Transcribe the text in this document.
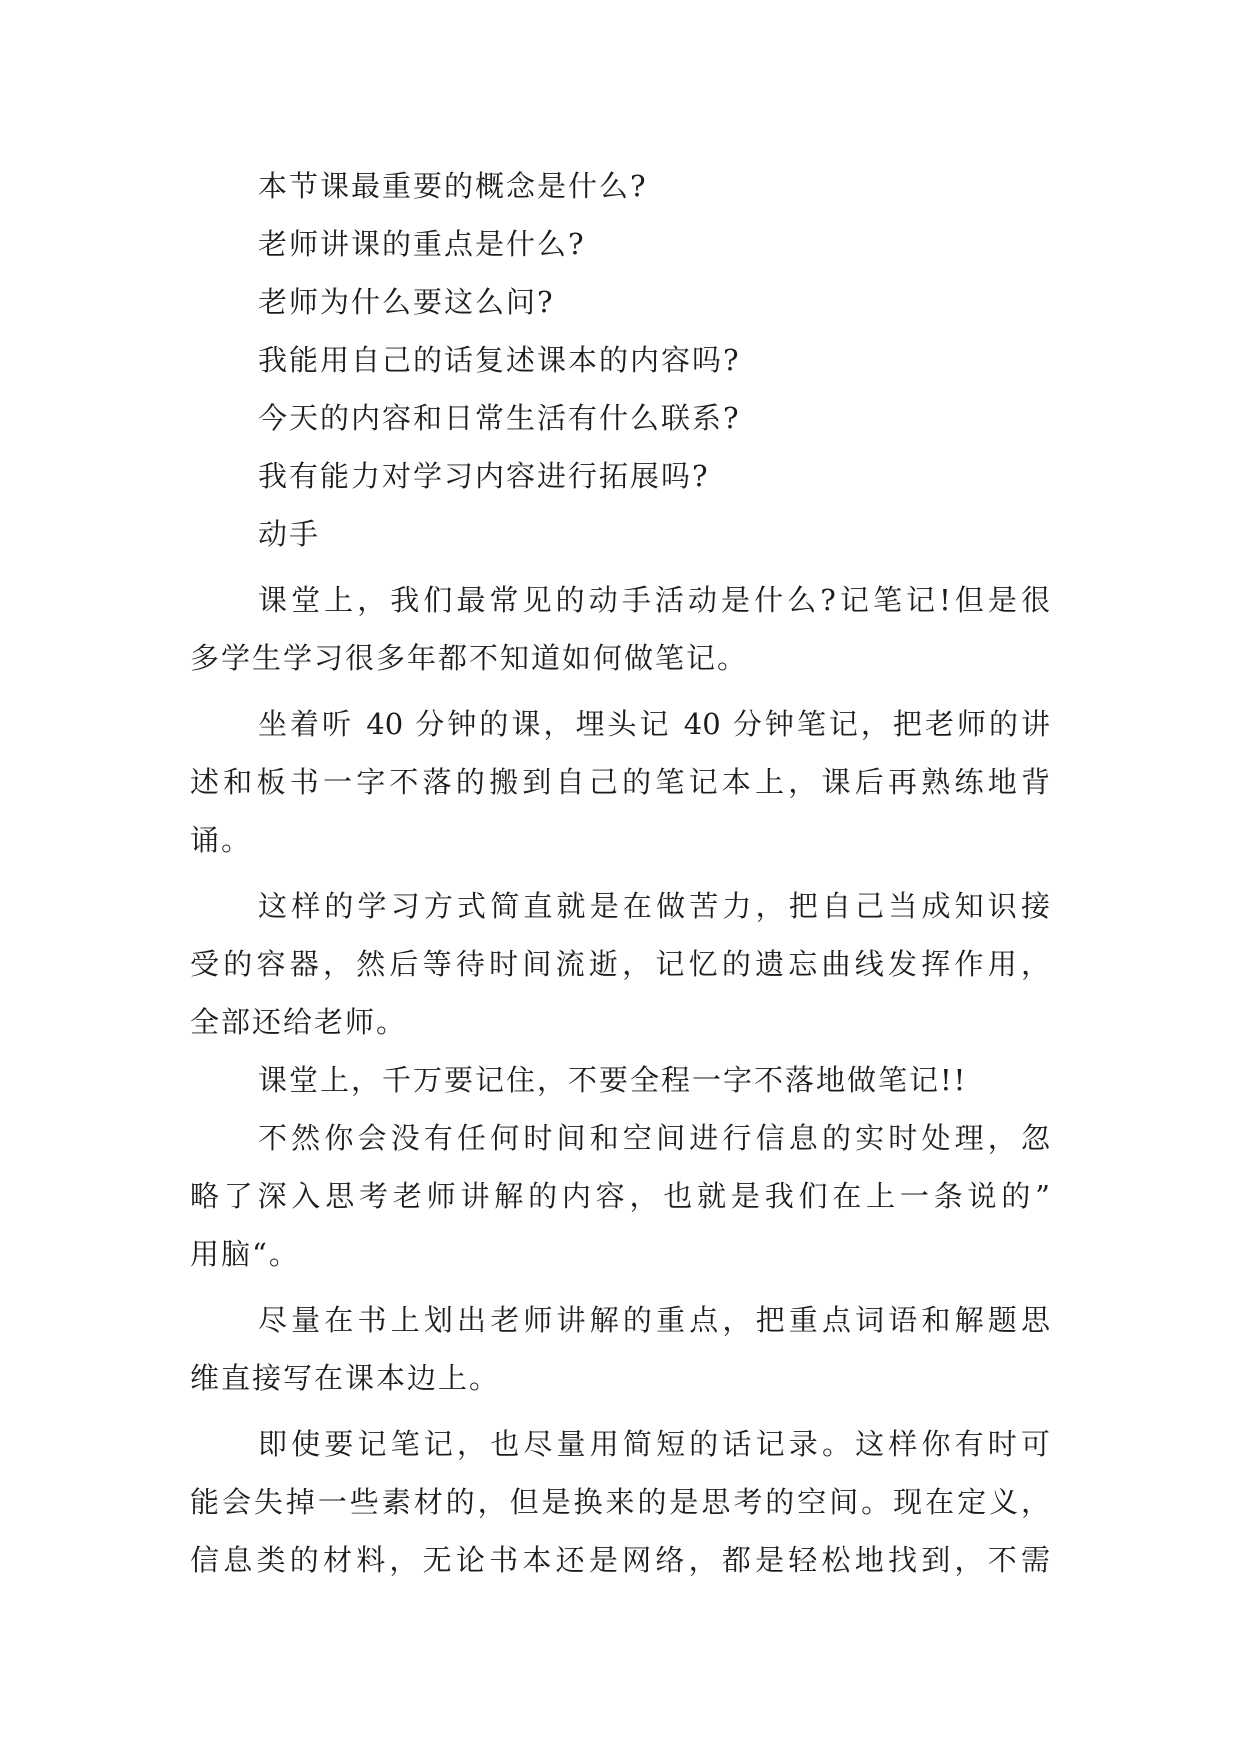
本节课最重要的概念是什么?
老师讲课的重点是什么?
老师为什么要这么问?
我能用自己的话复述课本的内容吗?
今天的内容和日常生活有什么联系?
我有能力对学习内容进行拓展吗?
动手
课堂上，我们最常见的动手活动是什么?记笔记!但是很
多学生学习很多年都不知道如何做笔记。
坐着听 40 分钟的课，埋头记 40 分钟笔记，把老师的讲
述和板书一字不落的搬到自己的笔记本上，课后再熟练地背
诵。
这样的学习方式简直就是在做苦力，把自己当成知识接
受的容器，然后等待时间流逝，记忆的遗忘曲线发挥作用，
全部还给老师。
课堂上，千万要记住，不要全程一字不落地做笔记!!
不然你会没有任何时间和空间进行信息的实时处理，忽
略了深入思考老师讲解的内容，也就是我们在上一条说的”
用脑“。
尽量在书上划出老师讲解的重点，把重点词语和解题思
维直接写在课本边上。
即使要记笔记，也尽量用简短的话记录。这样你有时可
能会失掉一些素材的，但是换来的是思考的空间。现在定义，
信息类的材料，无论书本还是网络，都是轻松地找到，不需
